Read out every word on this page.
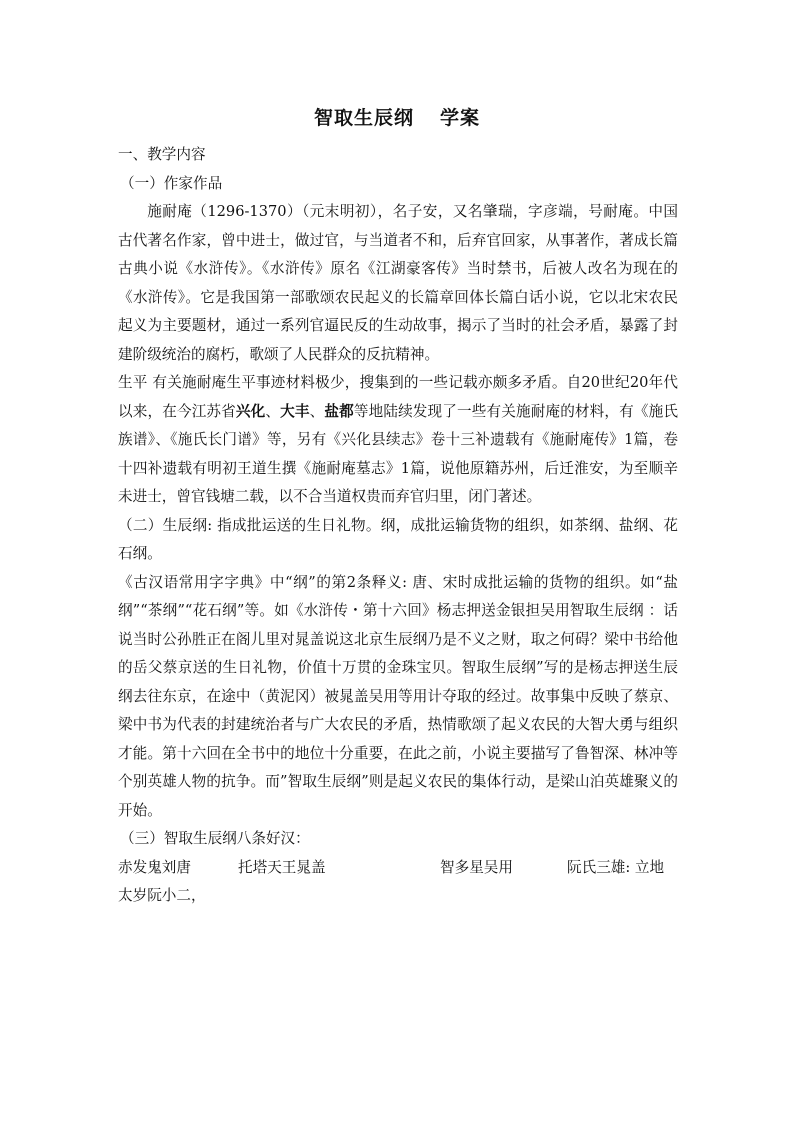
智取生辰纲 学案

一、教学内容

（一）作家作品

施耐庵（1296-1370）（元末明初），名子安，又名肇瑞，字彦端，号耐庵。中国古代著名作家，曾中进士，做过官，与当道者不和，后弃官回家，从事著作，著成长篇古典小说《水浒传》。《水浒传》原名《江湖豪客传》当时禁书，后被人改名为现在的《水浒传》。它是我国第一部歌颂农民起义的长篇章回体长篇白话小说，它以北宋农民起义为主要题材，通过一系列官逼民反的生动故事，揭示了当时的社会矛盾，暴露了封建阶级统治的腐朽，歌颂了人民群众的反抗精神。

生平 有关施耐庵生平事迹材料极少，搜集到的一些记载亦颇多矛盾。自20世纪20年代以来，在今江苏省兴化、大丰、盐都等地陆续发现了一些有关施耐庵的材料，有《施氏族谱》、《施氏长门谱》等，另有《兴化县续志》卷十三补遗载有《施耐庵传》1篇，卷十四补遗载有明初王道生撰《施耐庵墓志》1篇，说他原籍苏州，后迁淮安，为至顺辛未进士，曾官钱塘二载，以不合当道权贵而弃官归里，闭门著述。

（二）生辰纲: 指成批运送的生日礼物。纲，成批运输货物的组织，如茶纲、盐纲、花石纲。

《古汉语常用字字典》中“纲”的第2条释义: 唐、宋时成批运输的货物的组织。如“盐纲”“茶纲”“花石纲”等。如《水浒传・第十六回》杨志押送金银担吴用智取生辰纲 ：话说当时公孙胜正在阁儿里对晁盖说这北京生辰纲乃是不义之财，取之何碍？梁中书给他的岳父蔡京送的生日礼物，价值十万贯的金珠宝贝。智取生辰纲”写的是杨志押送生辰纲去往东京，在途中（黄泥冈）被晁盖吴用等用计夺取的经过。故事集中反映了蔡京、梁中书为代表的封建统治者与广大农民的矛盾，热情歌颂了起义农民的大智大勇与组织才能。第十六回在全书中的地位十分重要，在此之前，小说主要描写了鲁智深、林冲等个别英雄人物的抗争。而”智取生辰纲”则是起义农民的集体行动，是梁山泊英雄聚义的开始。

（三）智取生辰纲八条好汉：

赤发鬼刘唐	托塔天王晁盖	智多星吴用	阮氏三雄: 立地

太岁阮小二，
